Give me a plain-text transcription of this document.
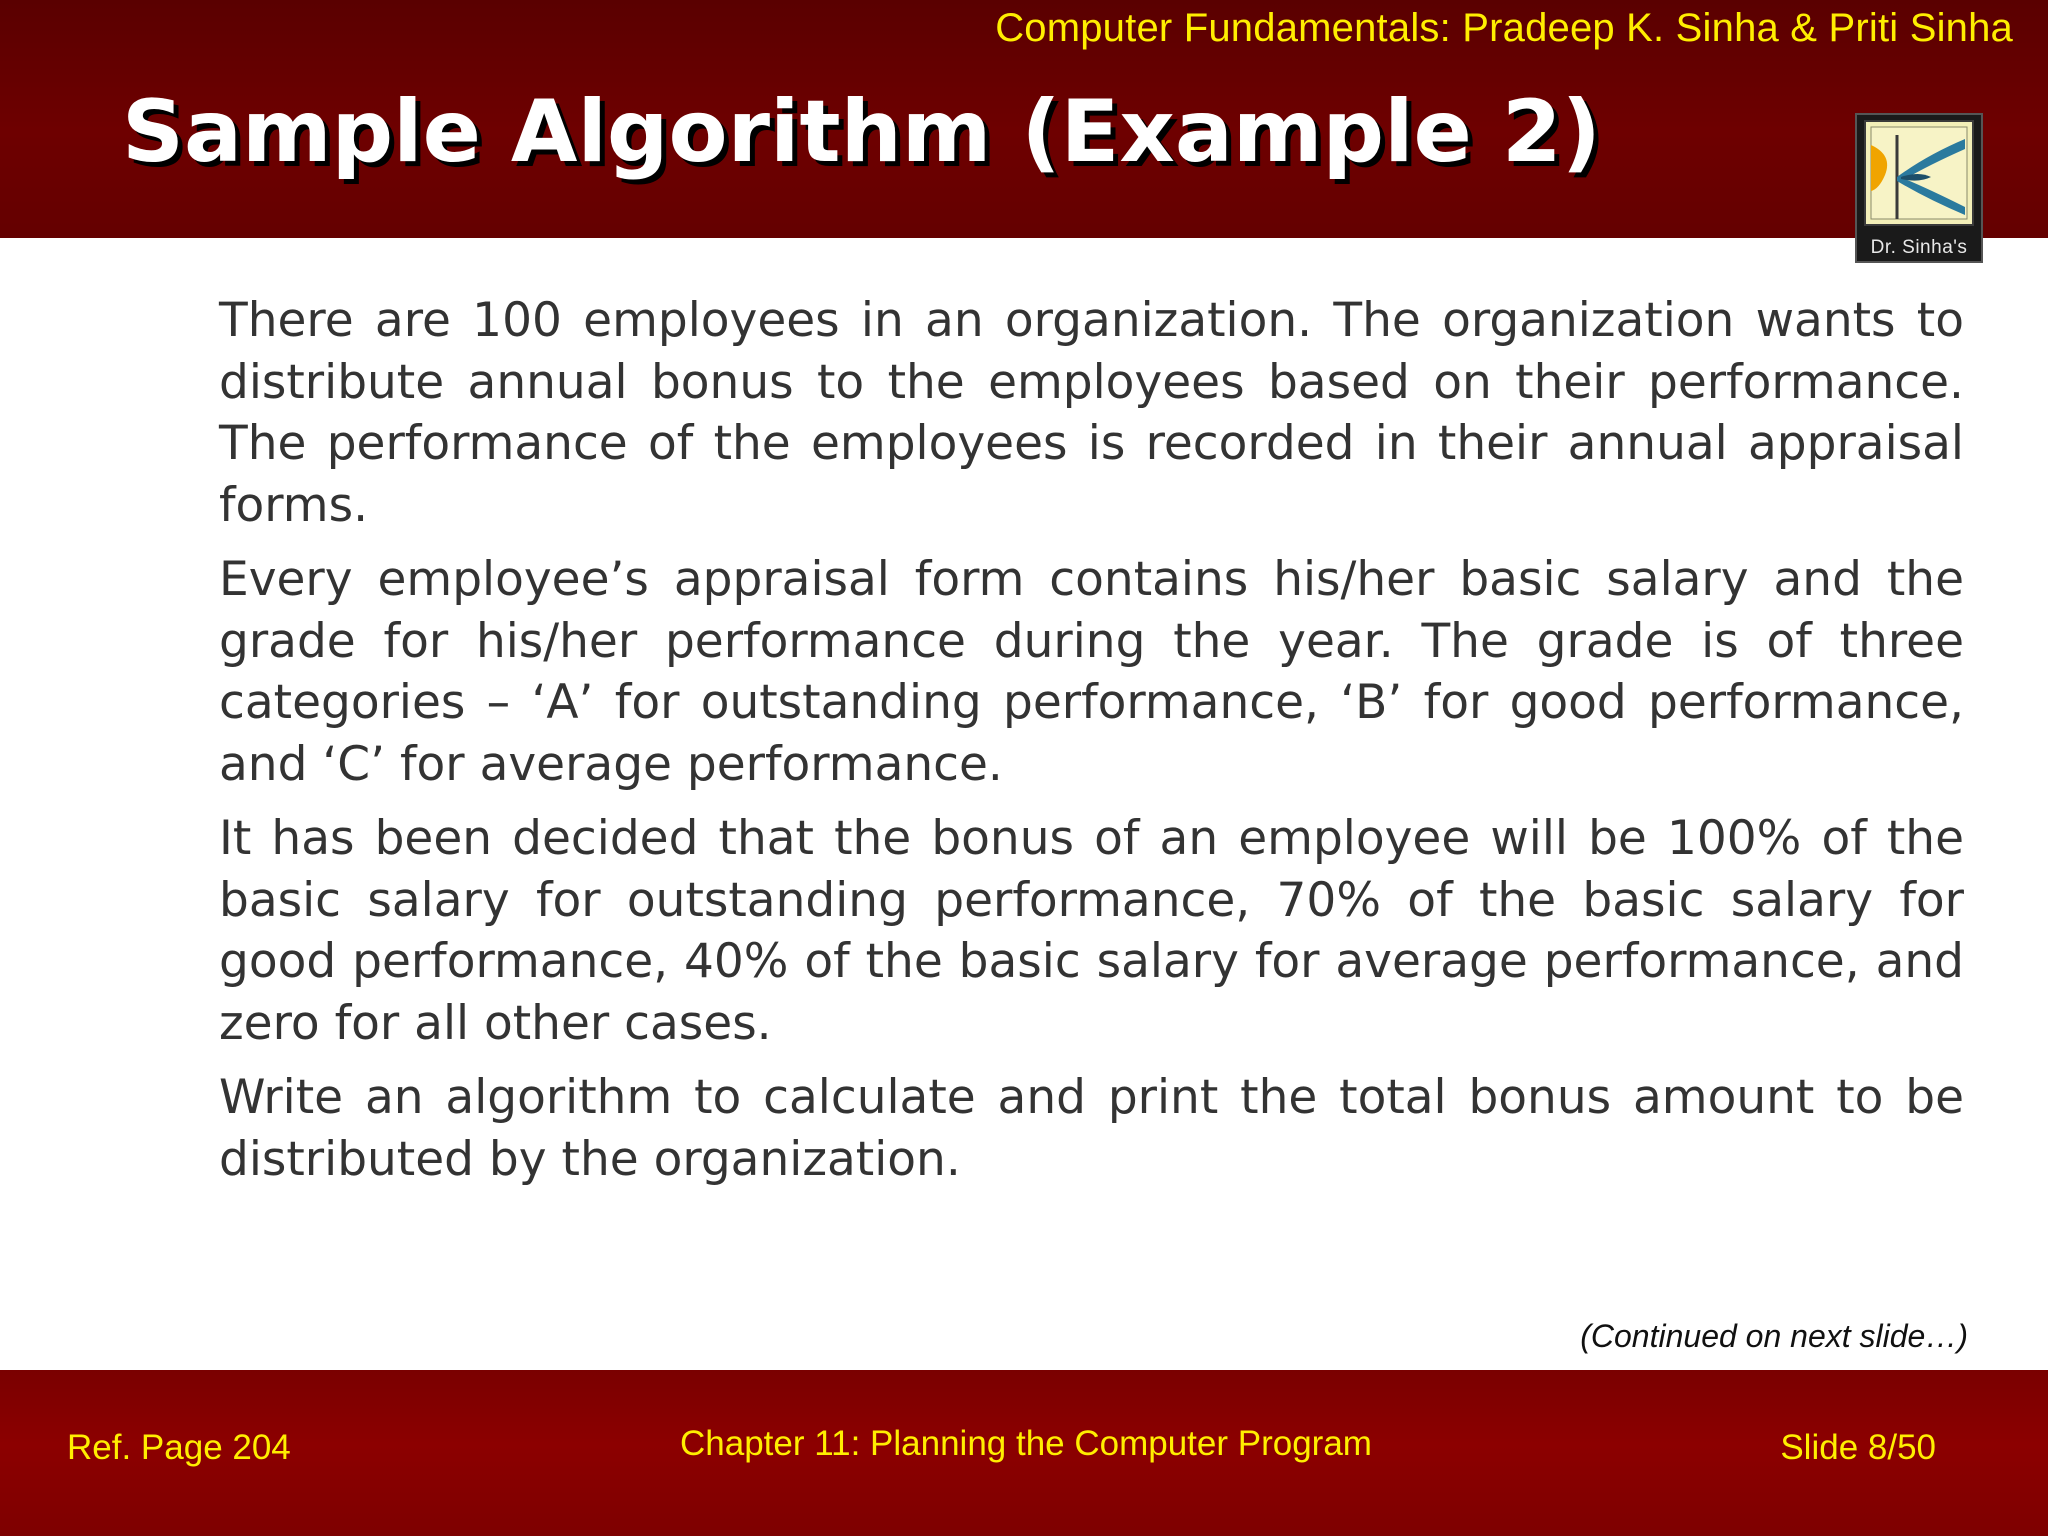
Computer Fundamentals: Pradeep K. Sinha & Priti Sinha
Sample Algorithm (Example 2)
Dr. Sinha's

There are 100 employees in an organization. The organization wants to distribute annual bonus to the employees based on their performance. The performance of the employees is recorded in their annual appraisal forms.

Every employee’s appraisal form contains his/her basic salary and the grade for his/her performance during the year. The grade is of three categories – ‘A’ for outstanding performance, ‘B’ for good performance, and ‘C’ for average performance.

It has been decided that the bonus of an employee will be 100% of the basic salary for outstanding performance, 70% of the basic salary for good performance, 40% of the basic salary for average performance, and zero for all other cases.

Write an algorithm to calculate and print the total bonus amount to be distributed by the organization.

(Continued on next slide…)
Ref. Page 204	Chapter 11: Planning the Computer Program	Slide 8/50
